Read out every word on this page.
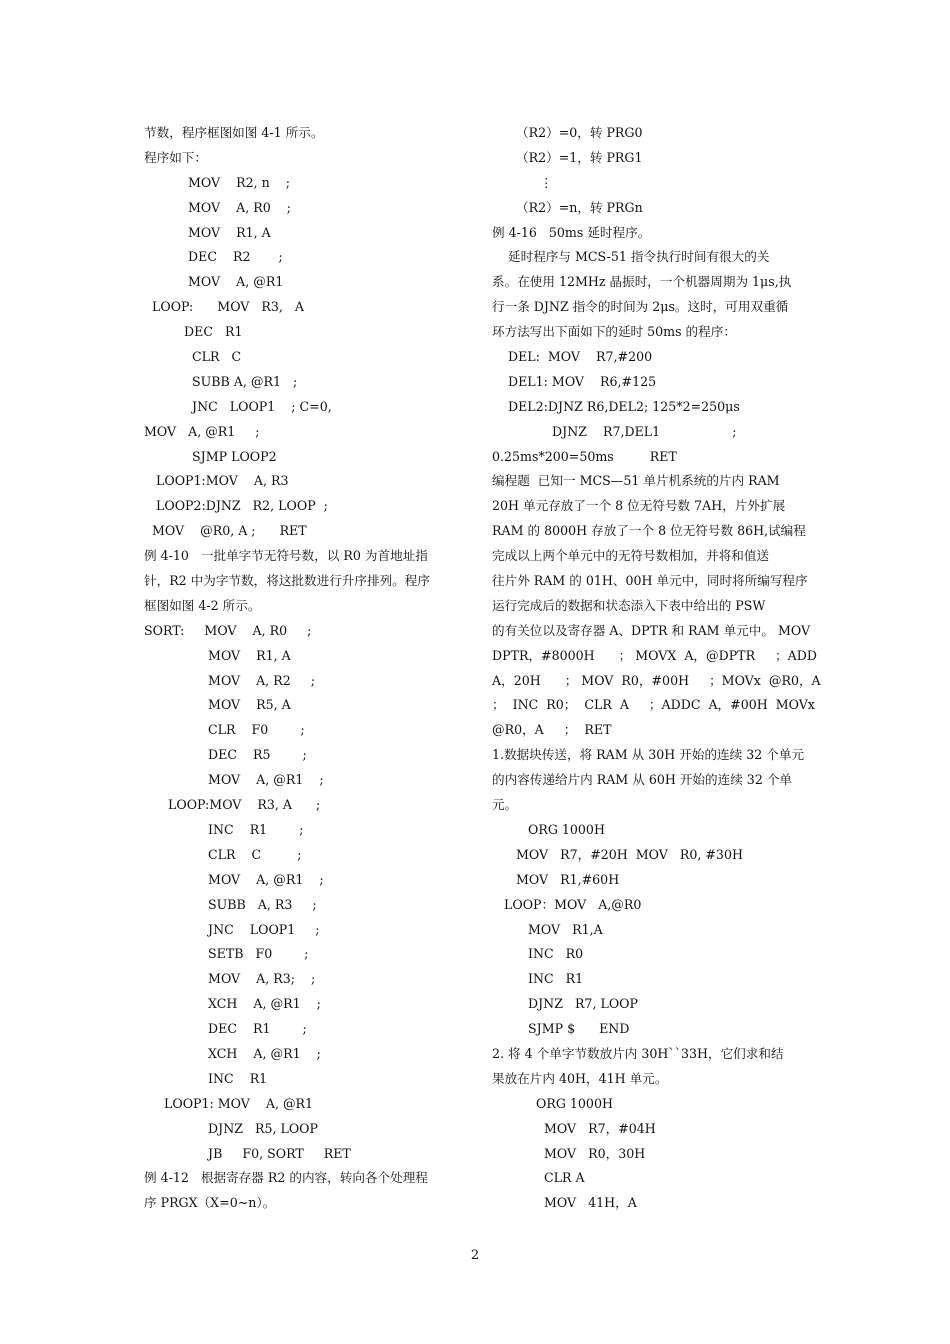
节数，程序框图如图 4-1 所示。
程序如下：
MOV    R2, n    ;
MOV    A, R0    ;
MOV    R1, A
DEC    R2       ;
MOV    A, @R1
LOOP:      MOV   R3,   A
DEC   R1
CLR   C
SUBB A, @R1   ;
JNC   LOOP1    ; C=0,
MOV   A, @R1     ;
SJMP LOOP2
LOOP1:MOV    A, R3
LOOP2:DJNZ   R2, LOOP  ;
MOV    @R0, A ;      RET
例 4-10   一批单字节无符号数，以 R0 为首地址指
针，R2 中为字节数，将这批数进行升序排列。程序
框图如图 4-2 所示。
SORT:     MOV    A, R0     ;
MOV    R1, A
MOV    A, R2     ;
MOV    R5, A
CLR    F0        ;
DEC    R5        ;
MOV    A, @R1    ;
LOOP:MOV    R3, A      ;
INC    R1        ;
CLR    C         ;
MOV    A, @R1    ;
SUBB   A, R3     ;
JNC    LOOP1     ;
SETB   F0        ;
MOV    A, R3;    ;
XCH    A, @R1    ;
DEC    R1        ;
XCH    A, @R1    ;
INC    R1
LOOP1: MOV    A, @R1
DJNZ   R5, LOOP
JB     F0, SORT     RET
例 4-12   根据寄存器 R2 的内容，转向各个处理程
序 PRGX（X=0~n）。
（R2）=0，转 PRG0
（R2）=1，转 PRG1
⋮
（R2）=n，转 PRGn
例 4-16   50ms 延时程序。
延时程序与 MCS-51 指令执行时间有很大的关
系。在使用 12MHz 晶振时，一个机器周期为 1μs,执
行一条 DJNZ 指令的时间为 2μs。这时，可用双重循
环方法写出下面如下的延时 50ms 的程序：
DEL:  MOV    R7,#200
DEL1: MOV    R6,#125
DEL2:DJNZ R6,DEL2; 125*2=250μs
DJNZ    R7,DEL1                  ;
0.25ms*200=50ms         RET
编程题  已知一 MCS—51 单片机系统的片内 RAM
20H 单元存放了一个 8 位无符号数 7AH，片外扩展
RAM 的 8000H 存放了一个 8 位无符号数 86H,试编程
完成以上两个单元中的无符号数相加，并将和值送
往片外 RAM 的 01H、00H 单元中，同时将所编写程序
运行完成后的数据和状态添入下表中给出的 PSW
的有关位以及寄存器 A、DPTR 和 RAM 单元中。 MOV
DPTR，#8000H      ； MOVX  A，@DPTR     ；ADD
A，20H      ； MOV  R0，#00H     ；MOVx  @R0，A
；  INC  R0；  CLR  A     ；ADDC  A，#00H  MOVx
@R0，A     ；  RET
1.数据块传送，将 RAM 从 30H 开始的连续 32 个单元
的内容传递给片内 RAM 从 60H 开始的连续 32 个单
元。
ORG 1000H
MOV   R7，#20H  MOV   R0, #30H
MOV   R1,#60H
LOOP：MOV   A,@R0
MOV   R1,A
INC   R0
INC   R1
DJNZ   R7, LOOP
SJMP $      END
2. 将 4 个单字节数放片内 30H``33H，它们求和结
果放在片内 40H，41H 单元。
ORG 1000H
MOV   R7，#04H
MOV   R0，30H
CLR A
MOV   41H，A
2
